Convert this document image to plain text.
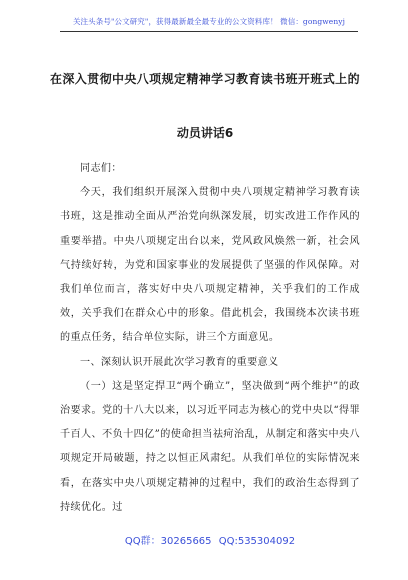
关注头条号"公文研究"，获得最新最全最专业的公文资料库！ 微信：gongwenyj
在深入贯彻中央八项规定精神学习教育读书班开班式上的
动员讲话6

同志们：

今天，我们组织开展深入贯彻中央八项规定精神学习教育读书班，这是推动全面从严治党向纵深发展，切实改进工作作风的重要举措。中央八项规定出台以来，党风政风焕然一新，社会风气持续好转，为党和国家事业的发展提供了坚强的作风保障。对我们单位而言，落实好中央八项规定精神，关乎我们的工作成效，关乎我们在群众心中的形象。借此机会，我围绕本次读书班的重点任务，结合单位实际，讲三个方面意见。

一、深刻认识开展此次学习教育的重要意义

（一）这是坚定捍卫“两个确立”，坚决做到“两个维护”的政治要求。党的十八大以来，以习近平同志为核心的党中央以“得罪千百人、不负十四亿”的使命担当祛疴治乱，从制定和落实中央八项规定开局破题，持之以恒正风肃纪。从我们单位的实际情况来看，在落实中央八项规定精神的过程中，我们的政治生态得到了持续优化。过

QQ群：30265665 QQ:535304092
